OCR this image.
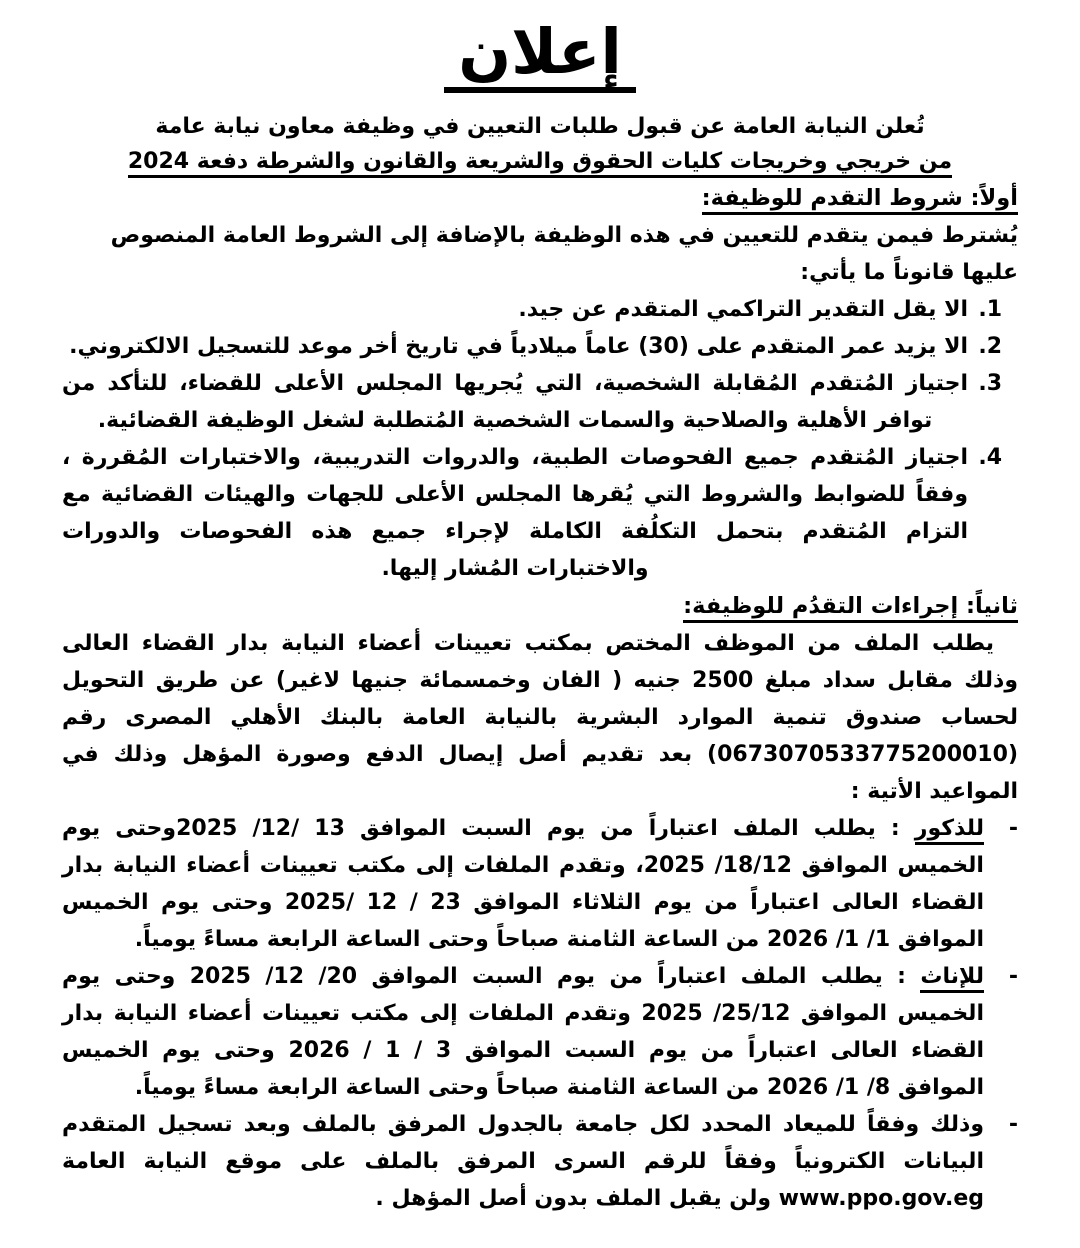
إعلان

تُعلن النيابة العامة عن قبول طلبات التعيين في وظيفة معاون نيابة عامة

من خريجي وخريجات كليات الحقوق والشريعة والقانون والشرطة دفعة 2024

أولاً: شروط التقدم للوظيفة:

يُشترط فيمن يتقدم للتعيين في هذه الوظيفة بالإضافة إلى الشروط العامة المنصوص عليها قانوناً ما يأتي:

1.
الا يقل التقدير التراكمي المتقدم عن جيد.
2.
الا يزيد عمر المتقدم على (30) عاماً ميلادياً في تاريخ أخر موعد للتسجيل الالكتروني.
3.
اجتياز المُتقدم المُقابلة الشخصية، التي يُجريها المجلس الأعلى للقضاء، للتأكد من توافر الأهلية والصلاحية والسمات الشخصية المُتطلبة لشغل الوظيفة القضائية.
4.
اجتياز المُتقدم جميع الفحوصات الطبية، والدروات التدريبية، والاختبارات المُقررة ، وفقاً للضوابط والشروط التي يُقرها المجلس الأعلى للجهات والهيئات القضائية مع التزام المُتقدم بتحمل التكلُفة الكاملة لإجراء جميع هذه الفحوصات والدورات والاختبارات المُشار إليها.
ثانياً: إجراءات التقدُم للوظيفة:

يطلب الملف من الموظف المختص بمكتب تعيينات أعضاء النيابة بدار القضاء العالى وذلك مقابل سداد مبلغ 2500 جنيه ( الفان وخمسمائة جنيها لاغير) عن طريق التحويل لحساب صندوق تنمية الموارد البشرية بالنيابة العامة بالبنك الأهلي المصرى رقم (0673070533775200010) بعد تقديم أصل إيصال الدفع وصورة المؤهل وذلك في المواعيد الأتية :

-

للذكور : يطلب الملف اعتباراً من يوم السبت الموافق 13 /12/ 2025وحتى يوم الخميس الموافق 18/12/ 2025، وتقدم الملفات إلى مكتب تعيينات أعضاء النيابة بدار القضاء العالى اعتباراً من يوم الثلاثاء الموافق 23 / 12 /2025 وحتى يوم الخميس الموافق 1/ 1/ 2026 من الساعة الثامنة صباحاً وحتى الساعة الرابعة مساءً يومياً.

-

للإناث : يطلب الملف اعتباراً من يوم السبت الموافق 20/ 12/ 2025 وحتى يوم الخميس الموافق 25/12/ 2025 وتقدم الملفات إلى مكتب تعيينات أعضاء النيابة بدار القضاء العالى اعتباراً من يوم السبت الموافق 3 / 1 / 2026 وحتى يوم الخميس الموافق 8/ 1/ 2026 من الساعة الثامنة صباحاً وحتى الساعة الرابعة مساءً يومياً.

-

وذلك وفقاً للميعاد المحدد لكل جامعة بالجدول المرفق بالملف وبعد تسجيل المتقدم البيانات الكترونياً وفقاً للرقم السرى المرفق بالملف على موقع النيابة العامة www.ppo.gov.eg ولن يقبل الملف بدون أصل المؤهل .
